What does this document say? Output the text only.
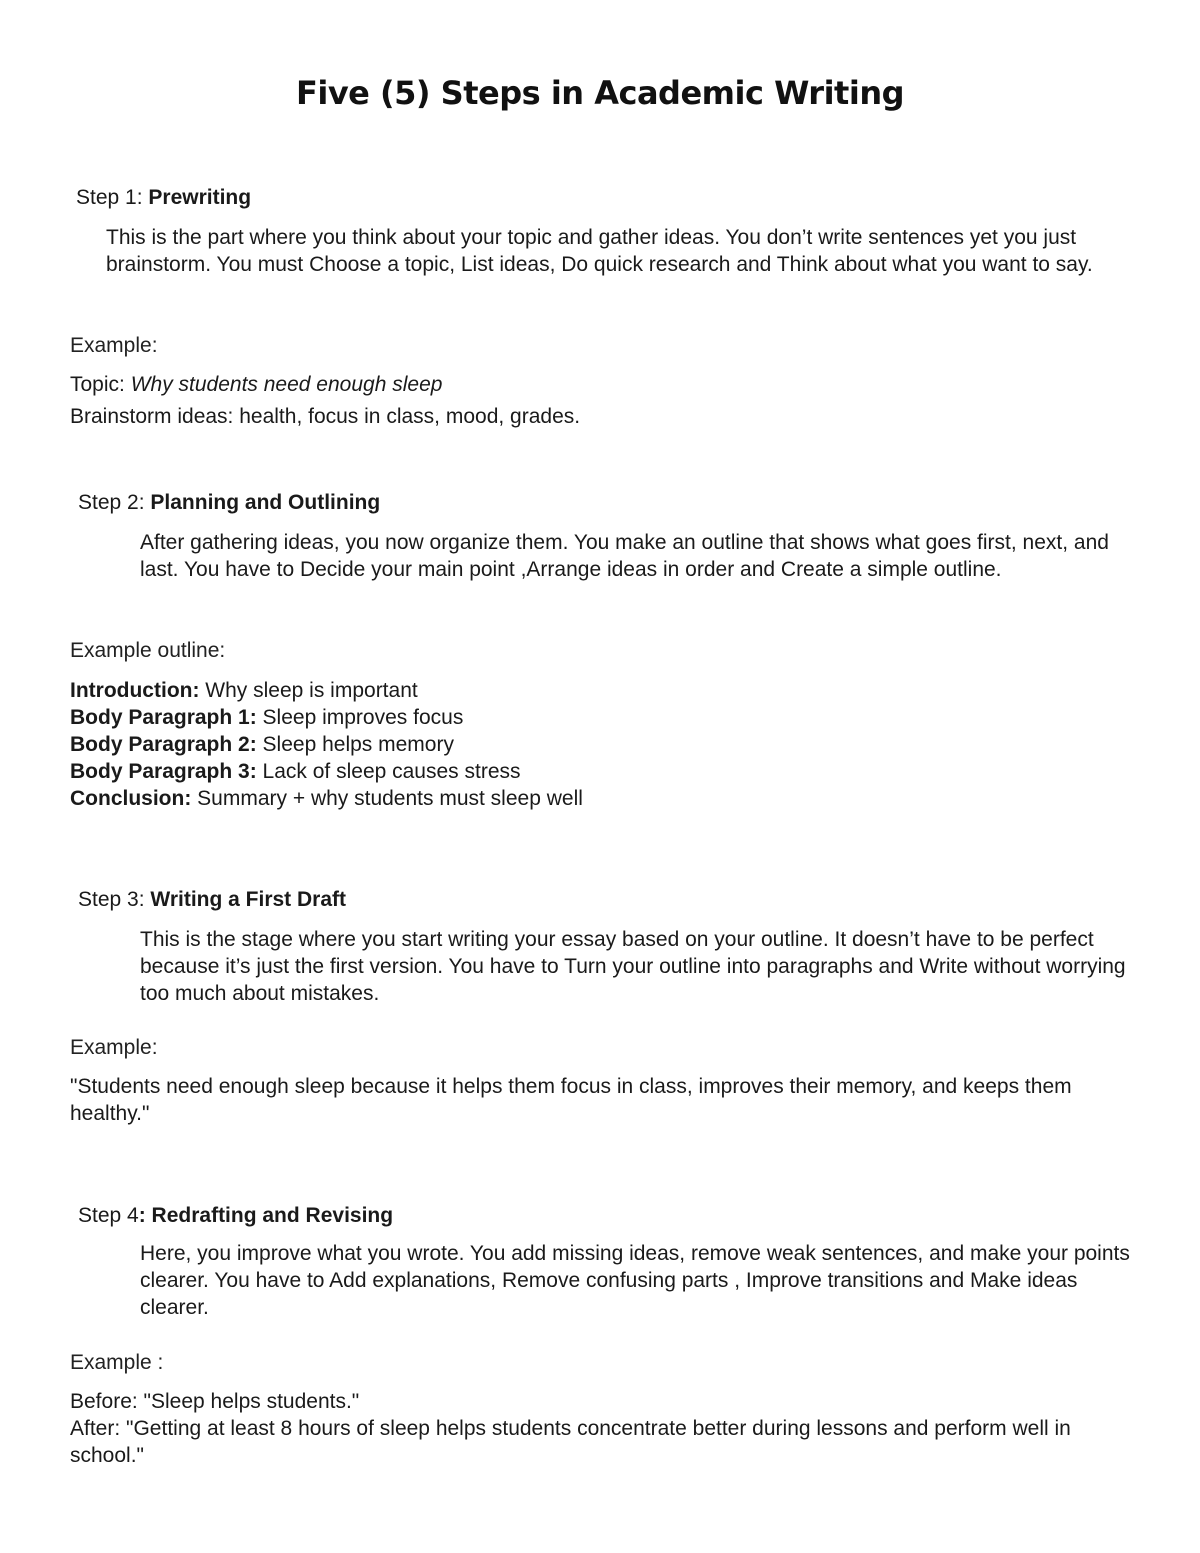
Five (5) Steps in Academic Writing
Step 1: Prewriting
This is the part where you think about your topic and gather ideas. You don’t write sentences yet you just brainstorm. You must Choose a topic, List ideas, Do quick research and Think about what you want to say.
Example:
Topic: Why students need enough sleep
Brainstorm ideas: health, focus in class, mood, grades.
Step 2: Planning and Outlining
After gathering ideas, you now organize them. You make an outline that shows what goes first, next, and last. You have to Decide your main point ,Arrange ideas in order and Create a simple outline.
Example outline:
Introduction: Why sleep is important
Body Paragraph 1: Sleep improves focus
Body Paragraph 2: Sleep helps memory
Body Paragraph 3: Lack of sleep causes stress
Conclusion: Summary + why students must sleep well
Step 3: Writing a First Draft
This is the stage where you start writing your essay based on your outline. It doesn’t have to be perfect because it’s just the first version. You have to Turn your outline into paragraphs and Write without worrying too much about mistakes.
Example:
"Students need enough sleep because it helps them focus in class, improves their memory, and keeps them healthy."
Step 4: Redrafting and Revising
Here, you improve what you wrote. You add missing ideas, remove weak sentences, and make your points clearer. You have to Add explanations, Remove confusing parts , Improve transitions and Make ideas clearer.
Example :
Before: "Sleep helps students."
After: "Getting at least 8 hours of sleep helps students concentrate better during lessons and perform well in school."
